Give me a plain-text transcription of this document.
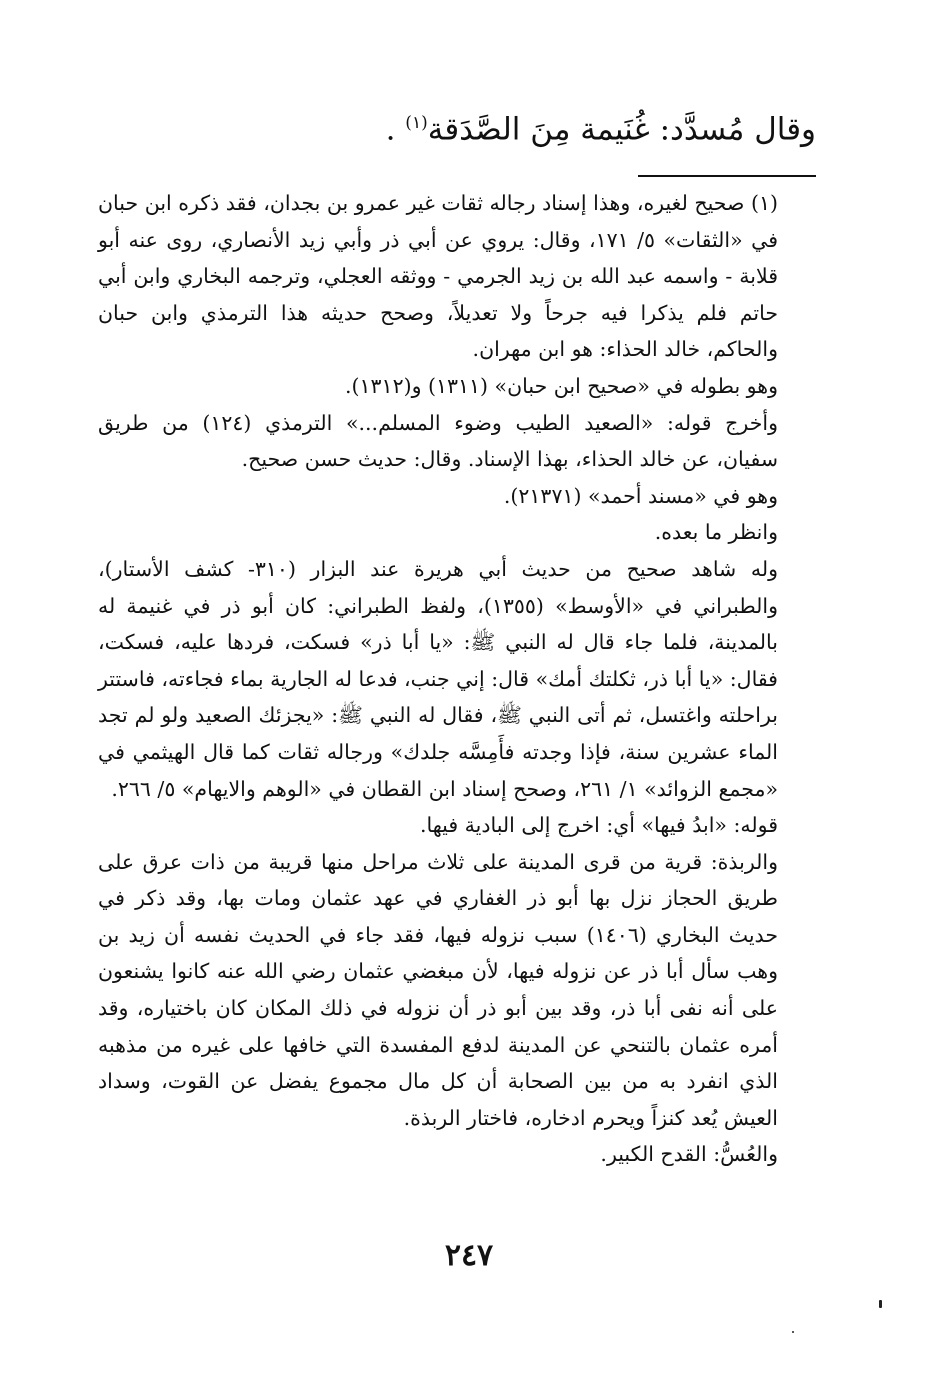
وقال مُسدَّد: غُنَيمة مِنَ الصَّدَقة$^{(١)}$ .

(١) صحيح لغيره، وهذا إسناد رجاله ثقات غير عمرو بن بجدان، فقد ذكره ابن حبان في «الثقات» ٥/ ١٧١، وقال: يروي عن أبي ذر وأبي زيد الأنصاري، روى عنه أبو قلابة - واسمه عبد الله بن زيد الجرمي - ووثقه العجلي، وترجمه البخاري وابن أبي حاتم فلم يذكرا فيه جرحاً ولا تعديلاً، وصحح حديثه هذا الترمذي وابن حبان والحاكم، خالد الحذاء: هو ابن مهران.

وهو بطوله في «صحيح ابن حبان» (١٣١١) و(١٣١٢).

وأخرج قوله: «الصعيد الطيب وضوء المسلم...» الترمذي (١٢٤) من طريق سفيان، عن خالد الحذاء، بهذا الإسناد. وقال: حديث حسن صحيح.

وهو في «مسند أحمد» (٢١٣٧١).

وانظر ما بعده.

وله شاهد صحيح من حديث أبي هريرة عند البزار (٣١٠- كشف الأستار)، والطبراني في «الأوسط» (١٣٥٥)، ولفظ الطبراني: كان أبو ذر في غنيمة له بالمدينة، فلما جاء قال له النبي ﷺ: «يا أبا ذر» فسكت، فردها عليه، فسكت، فقال: «يا أبا ذر، ثكلتك أمك» قال: إني جنب، فدعا له الجارية بماء فجاءته، فاستتر براحلته واغتسل، ثم أتى النبي ﷺ، فقال له النبي ﷺ: «يجزئك الصعيد ولو لم تجد الماء عشرين سنة، فإذا وجدته فأَمِسَّه جلدك» ورجاله ثقات كما قال الهيثمي في «مجمع الزوائد» ١/ ٢٦١، وصحح إسناد ابن القطان في «الوهم والايهام» ٥/ ٢٦٦.

قوله: «ابدُ فيها» أي: اخرج إلى البادية فيها.

والربذة: قرية من قرى المدينة على ثلاث مراحل منها قريبة من ذات عرق على طريق الحجاز نزل بها أبو ذر الغفاري في عهد عثمان ومات بها، وقد ذكر في حديث البخاري (١٤٠٦) سبب نزوله فيها، فقد جاء في الحديث نفسه أن زيد بن وهب سأل أبا ذر عن نزوله فيها، لأن مبغضي عثمان رضي الله عنه كانوا يشنعون على أنه نفى أبا ذر، وقد بين أبو ذر أن نزوله في ذلك المكان كان باختياره، وقد أمره عثمان بالتنحي عن المدينة لدفع المفسدة التي خافها على غيره من مذهبه الذي انفرد به من بين الصحابة أن كل مال مجموع يفضل عن القوت، وسداد العيش يُعد كنزاً ويحرم ادخاره، فاختار الربذة.

والعُسُّ: القدح الكبير.

٢٤٧
